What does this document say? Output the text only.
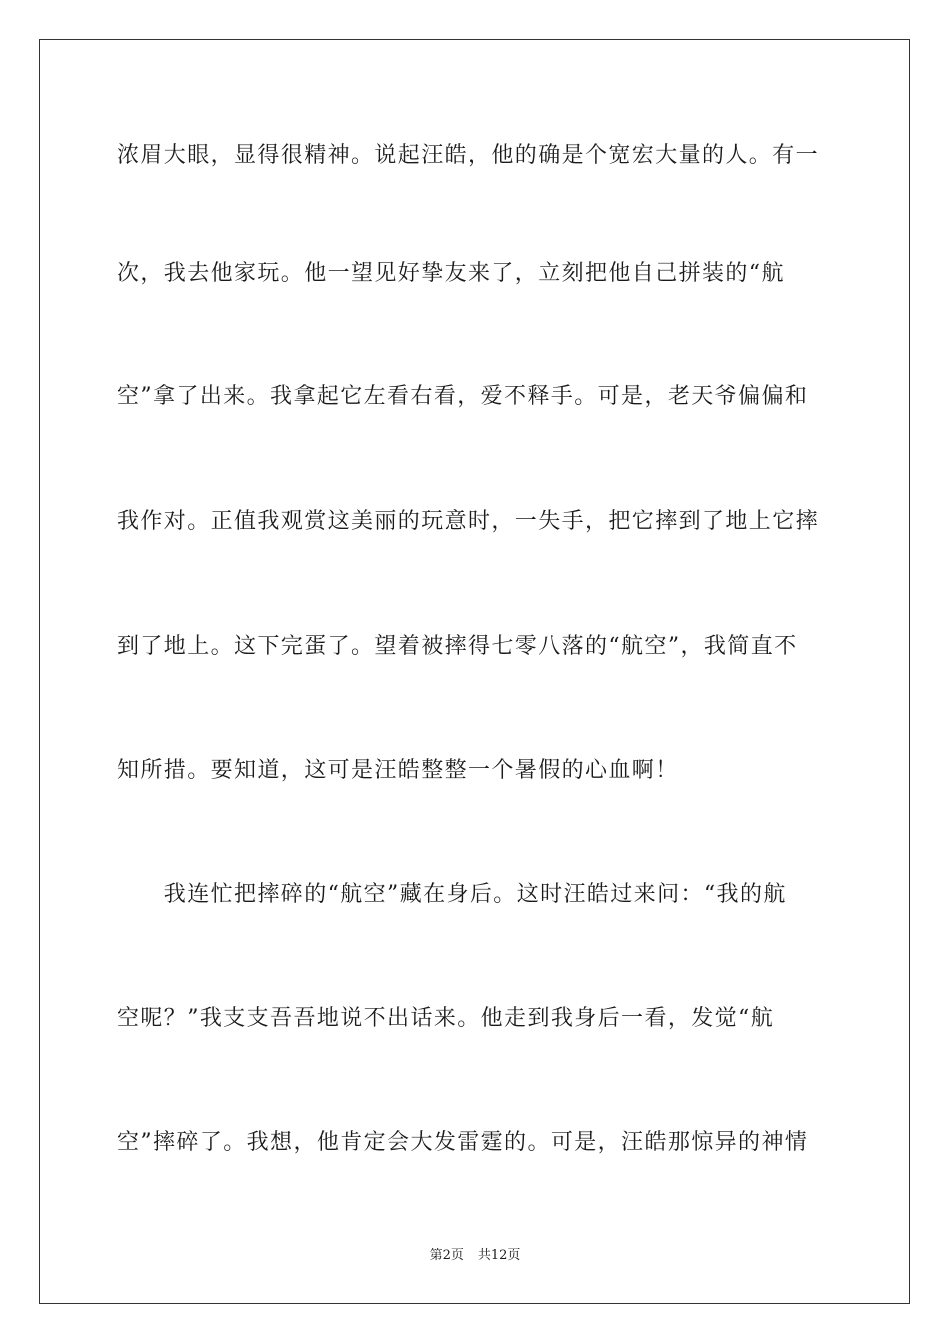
浓眉大眼，显得很精神。说起汪皓，他的确是个宽宏大量的人。有一
次，我去他家玩。他一望见好挚友来了，立刻把他自己拼装的“航
空”拿了出来。我拿起它左看右看，爱不释手。可是，老天爷偏偏和
我作对。正值我观赏这美丽的玩意时，一失手，把它摔到了地上它摔
到了地上。这下完蛋了。望着被摔得七零八落的“航空”，我简直不
知所措。要知道，这可是汪皓整整一个暑假的心血啊！
　　我连忙把摔碎的“航空”藏在身后。这时汪皓过来问：“我的航
空呢？”我支支吾吾地说不出话来。他走到我身后一看，发觉“航
空”摔碎了。我想，他肯定会大发雷霆的。可是，汪皓那惊异的神情
第2页 共12页
